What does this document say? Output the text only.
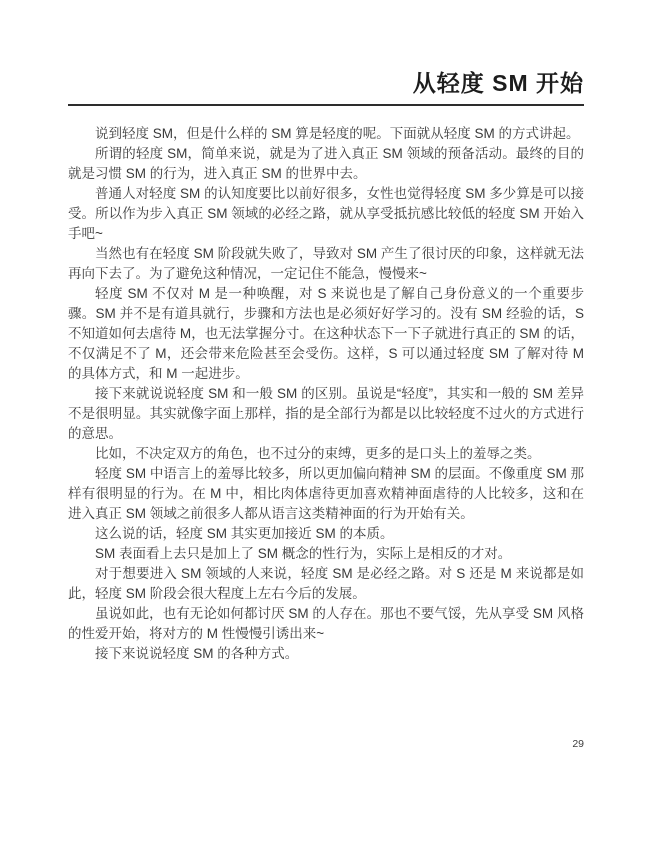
从轻度 SM 开始

说到轻度 SM，但是什么样的 SM 算是轻度的呢。下面就从轻度 SM 的方式讲起。

所谓的轻度 SM，简单来说，就是为了进入真正 SM 领域的预备活动。最终的目的就是习惯 SM 的行为，进入真正 SM 的世界中去。

普通人对轻度 SM 的认知度要比以前好很多，女性也觉得轻度 SM 多少算是可以接受。所以作为步入真正 SM 领域的必经之路，就从享受抵抗感比较低的轻度 SM 开始入手吧~

当然也有在轻度 SM 阶段就失败了，导致对 SM 产生了很讨厌的印象，这样就无法再向下去了。为了避免这种情况，一定记住不能急，慢慢来~

轻度 SM 不仅对 M 是一种唤醒，对 S 来说也是了解自己身份意义的一个重要步骤。SM 并不是有道具就行，步骤和方法也是必须好好学习的。没有 SM 经验的话，S 不知道如何去虐待 M，也无法掌握分寸。在这种状态下一下子就进行真正的 SM 的话，不仅满足不了 M，还会带来危险甚至会受伤。这样，S 可以通过轻度 SM 了解对待 M 的具体方式，和 M 一起进步。

接下来就说说轻度 SM 和一般 SM 的区别。虽说是“轻度”，其实和一般的 SM 差异不是很明显。其实就像字面上那样，指的是全部行为都是以比较轻度不过火的方式进行的意思。

比如，不决定双方的角色，也不过分的束缚，更多的是口头上的羞辱之类。

轻度 SM 中语言上的羞辱比较多，所以更加偏向精神 SM 的层面。不像重度 SM 那样有很明显的行为。在 M 中，相比肉体虐待更加喜欢精神面虐待的人比较多，这和在进入真正 SM 领域之前很多人都从语言这类精神面的行为开始有关。

这么说的话，轻度 SM 其实更加接近 SM 的本质。

SM 表面看上去只是加上了 SM 概念的性行为，实际上是相反的才对。

对于想要进入 SM 领域的人来说，轻度 SM 是必经之路。对 S 还是 M 来说都是如此，轻度 SM 阶段会很大程度上左右今后的发展。

虽说如此，也有无论如何都讨厌 SM 的人存在。那也不要气馁，先从享受 SM 风格的性爱开始，将对方的 M 性慢慢引诱出来~

接下来说说轻度 SM 的各种方式。

29
